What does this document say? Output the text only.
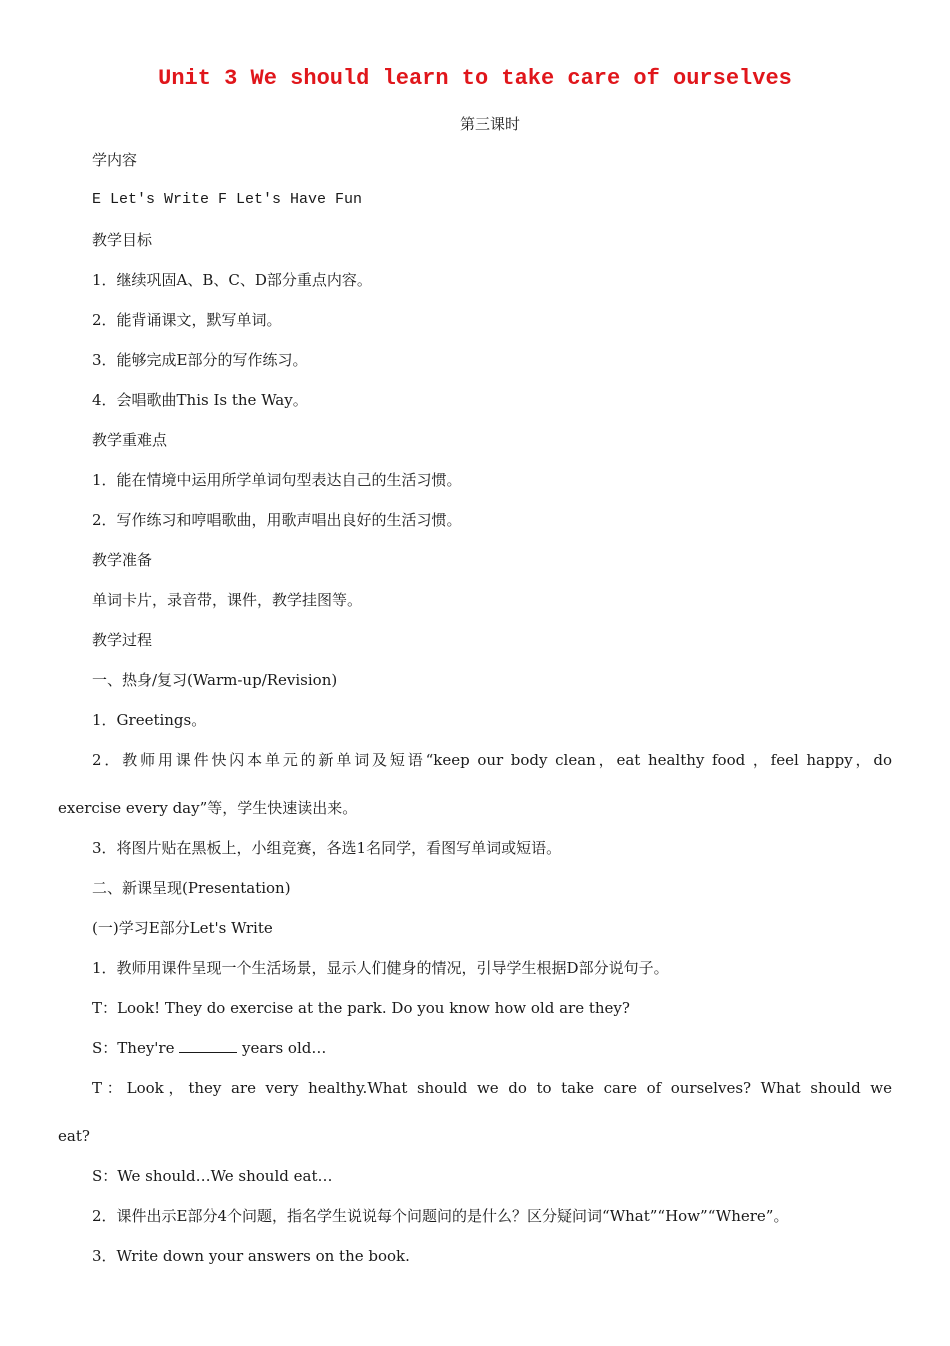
Unit 3 We should learn to take care of ourselves
第三课时
学内容
E Let's Write F Let's Have Fun
教学目标
1．继续巩固A、B、C、D部分重点内容。
2．能背诵课文，默写单词。
3．能够完成E部分的写作练习。
4．会唱歌曲This Is the Way。
教学重难点
1．能在情境中运用所学单词句型表达自己的生活习惯。
2．写作练习和哼唱歌曲，用歌声唱出良好的生活习惯。
教学准备
单词卡片，录音带，课件，教学挂图等。
教学过程
一、热身/复习(Warm-up/Revision)
1．Greetings。
2．教师用课件快闪本单元的新单词及短语“keep our body clean，eat healthy food ，feel happy，do
exercise every day”等，学生快速读出来。
3．将图片贴在黑板上，小组竞赛，各选1名同学，看图写单词或短语。
二、新课呈现(Presentation)
(一)学习E部分Let's Write
1．教师用课件呈现一个生活场景，显示人们健身的情况，引导学生根据D部分说句子。
T：Look! They do exercise at the park. Do you know how old are they?
S：They're	years old…
T：Look，they are very healthy.What should we do to take care of ourselves? What should we
eat?
S：We should…We should eat…
2．课件出示E部分4个问题，指名学生说说每个问题问的是什么？区分疑问词“What”“How”“Where”。
3．Write down your answers on the book.
